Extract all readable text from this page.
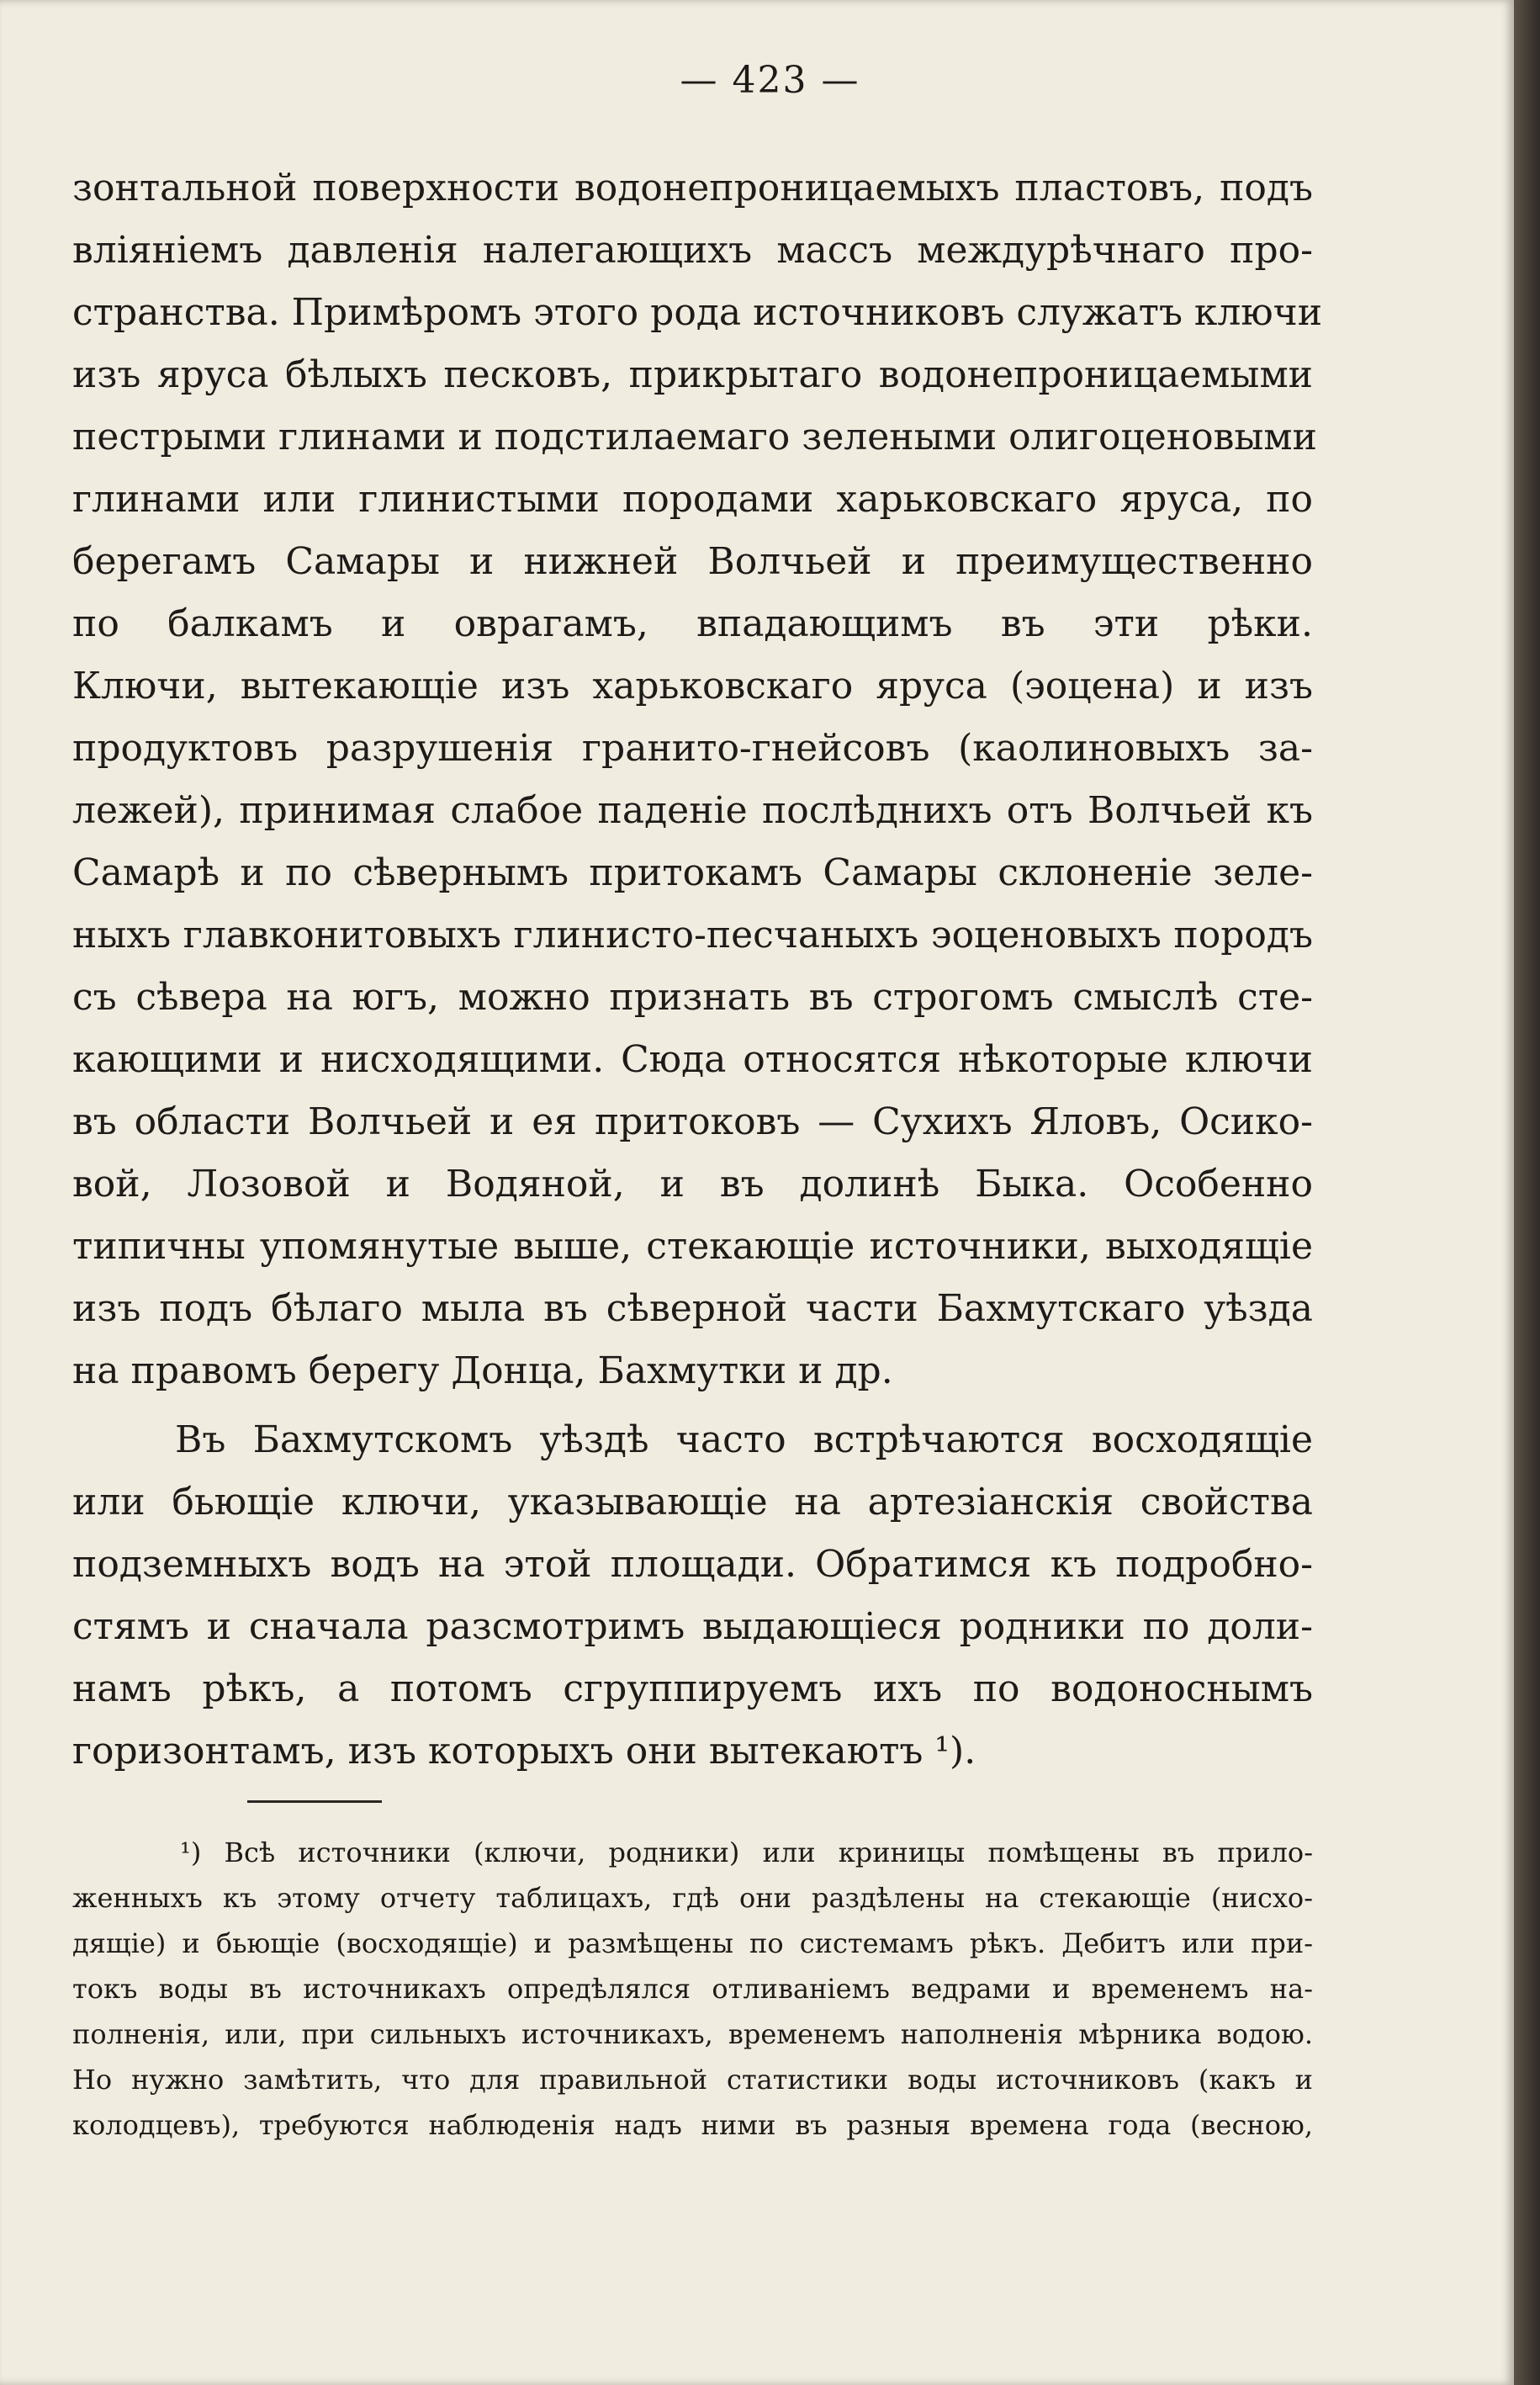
— 423 —
зонтальной поверхности водонепроницаемыхъ пластовъ, подъ
вліяніемъ давленія налегающихъ массъ междурѣчнаго про-
странства. Примѣромъ этого рода источниковъ служатъ ключи
изъ яруса бѣлыхъ песковъ, прикрытаго водонепроницаемыми
пестрыми глинами и подстилаемаго зелеными олигоценовыми
глинами или глинистыми породами харьковскаго яруса, по
берегамъ Самары и нижней Волчьей и преимущественно
по балкамъ и оврагамъ, впадающимъ въ эти рѣки.
Ключи, вытекающіе изъ харьковскаго яруса (эоцена) и изъ
продуктовъ разрушенія гранито-гнейсовъ (каолиновыхъ за-
лежей), принимая слабое паденіе послѣднихъ отъ Волчьей къ
Самарѣ и по сѣвернымъ притокамъ Самары склоненіе зеле-
ныхъ главконитовыхъ глинисто-песчаныхъ эоценовыхъ породъ
съ сѣвера на югъ, можно признать въ строгомъ смыслѣ сте-
кающими и нисходящими. Сюда относятся нѣкоторые ключи
въ области Волчьей и ея притоковъ — Сухихъ Яловъ, Осико-
вой, Лозовой и Водяной, и въ долинѣ Быка. Особенно
типичны упомянутые выше, стекающіе источники, выходящіе
изъ подъ бѣлаго мыла въ сѣверной части Бахмутскаго уѣзда
на правомъ берегу Донца, Бахмутки и др.
Въ Бахмутскомъ уѣздѣ часто встрѣчаются восходящіе
или бьющіе ключи, указывающіе на артезіанскія свойства
подземныхъ водъ на этой площади. Обратимся къ подробно-
стямъ и сначала разсмотримъ выдающіеся родники по доли-
намъ рѣкъ, а потомъ сгруппируемъ ихъ по водоноснымъ
горизонтамъ, изъ которыхъ они вытекаютъ ¹).
¹) Всѣ источники (ключи, родники) или криницы помѣщены въ прило-
женныхъ къ этому отчету таблицахъ, гдѣ они раздѣлены на стекающіе (нисхо-
дящіе) и бьющіе (восходящіе) и размѣщены по системамъ рѣкъ. Дебитъ или при-
токъ воды въ источникахъ опредѣлялся отливаніемъ ведрами и временемъ на-
полненія, или, при сильныхъ источникахъ, временемъ наполненія мѣрника водою.
Но нужно замѣтить, что для правильной статистики воды источниковъ (какъ и
колодцевъ), требуются наблюденія надъ ними въ разныя времена года (весною,
